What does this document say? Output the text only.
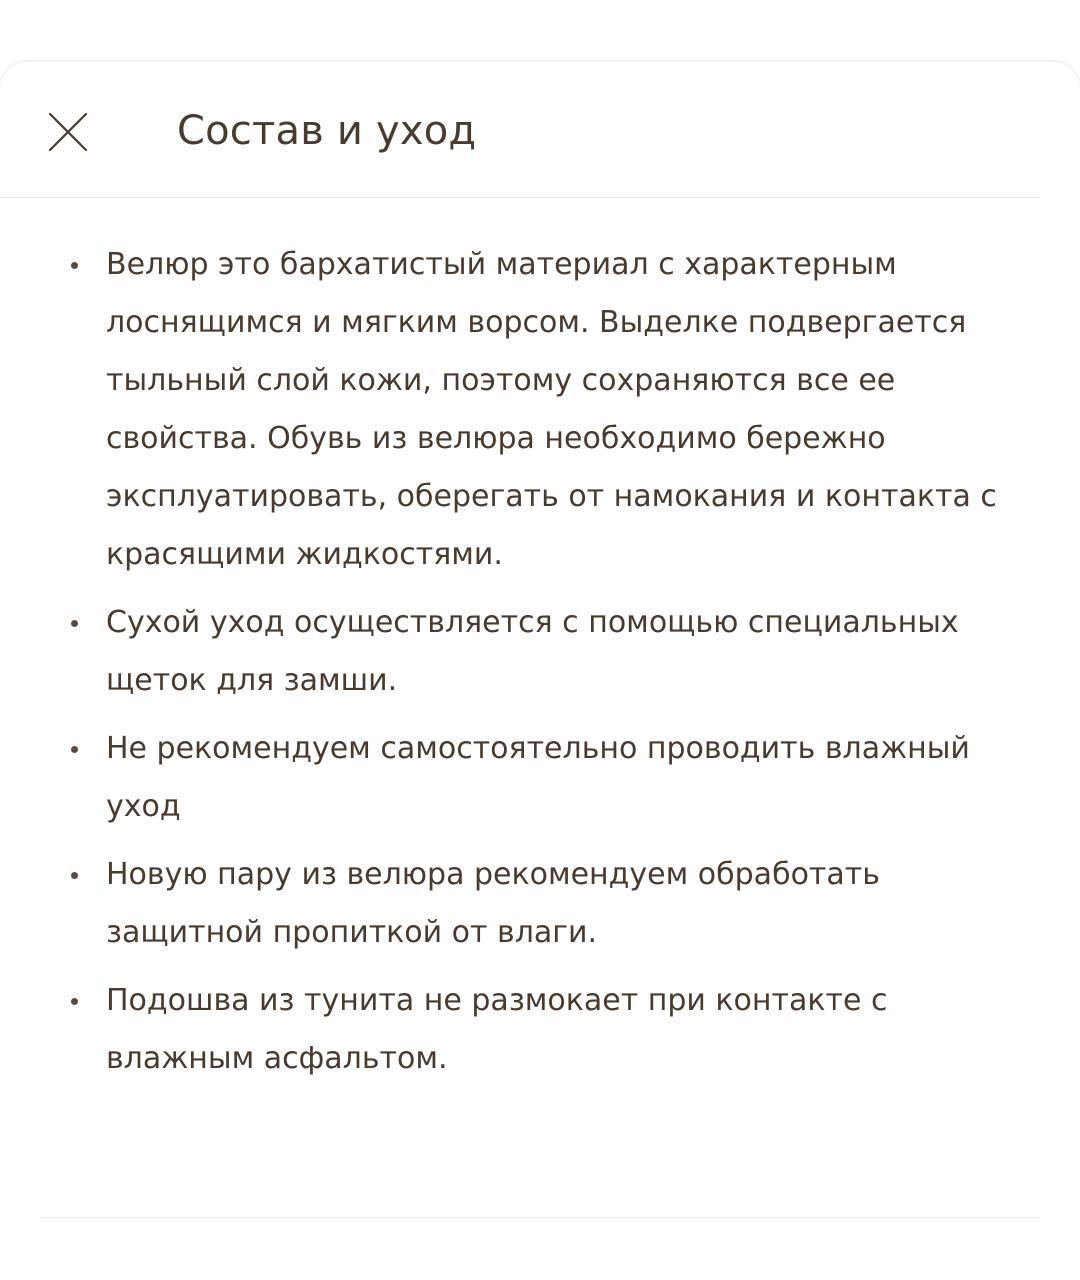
Состав и уход
Велюр это бархатистый материал с характерным лоснящимся и мягким ворсом. Выделке подвергается тыльный слой кожи, поэтому сохраняются все ее свойства. Обувь из велюра необходимо бережно эксплуатировать, оберегать от намокания и контакта с красящими жидкостями.
Сухой уход осуществляется с помощью специальных щеток для замши.
Не рекомендуем самостоятельно проводить влажный уход
Новую пару из велюра рекомендуем обработать защитной пропиткой от влаги.
Подошва из тунита не размокает при контакте с влажным асфальтом.
